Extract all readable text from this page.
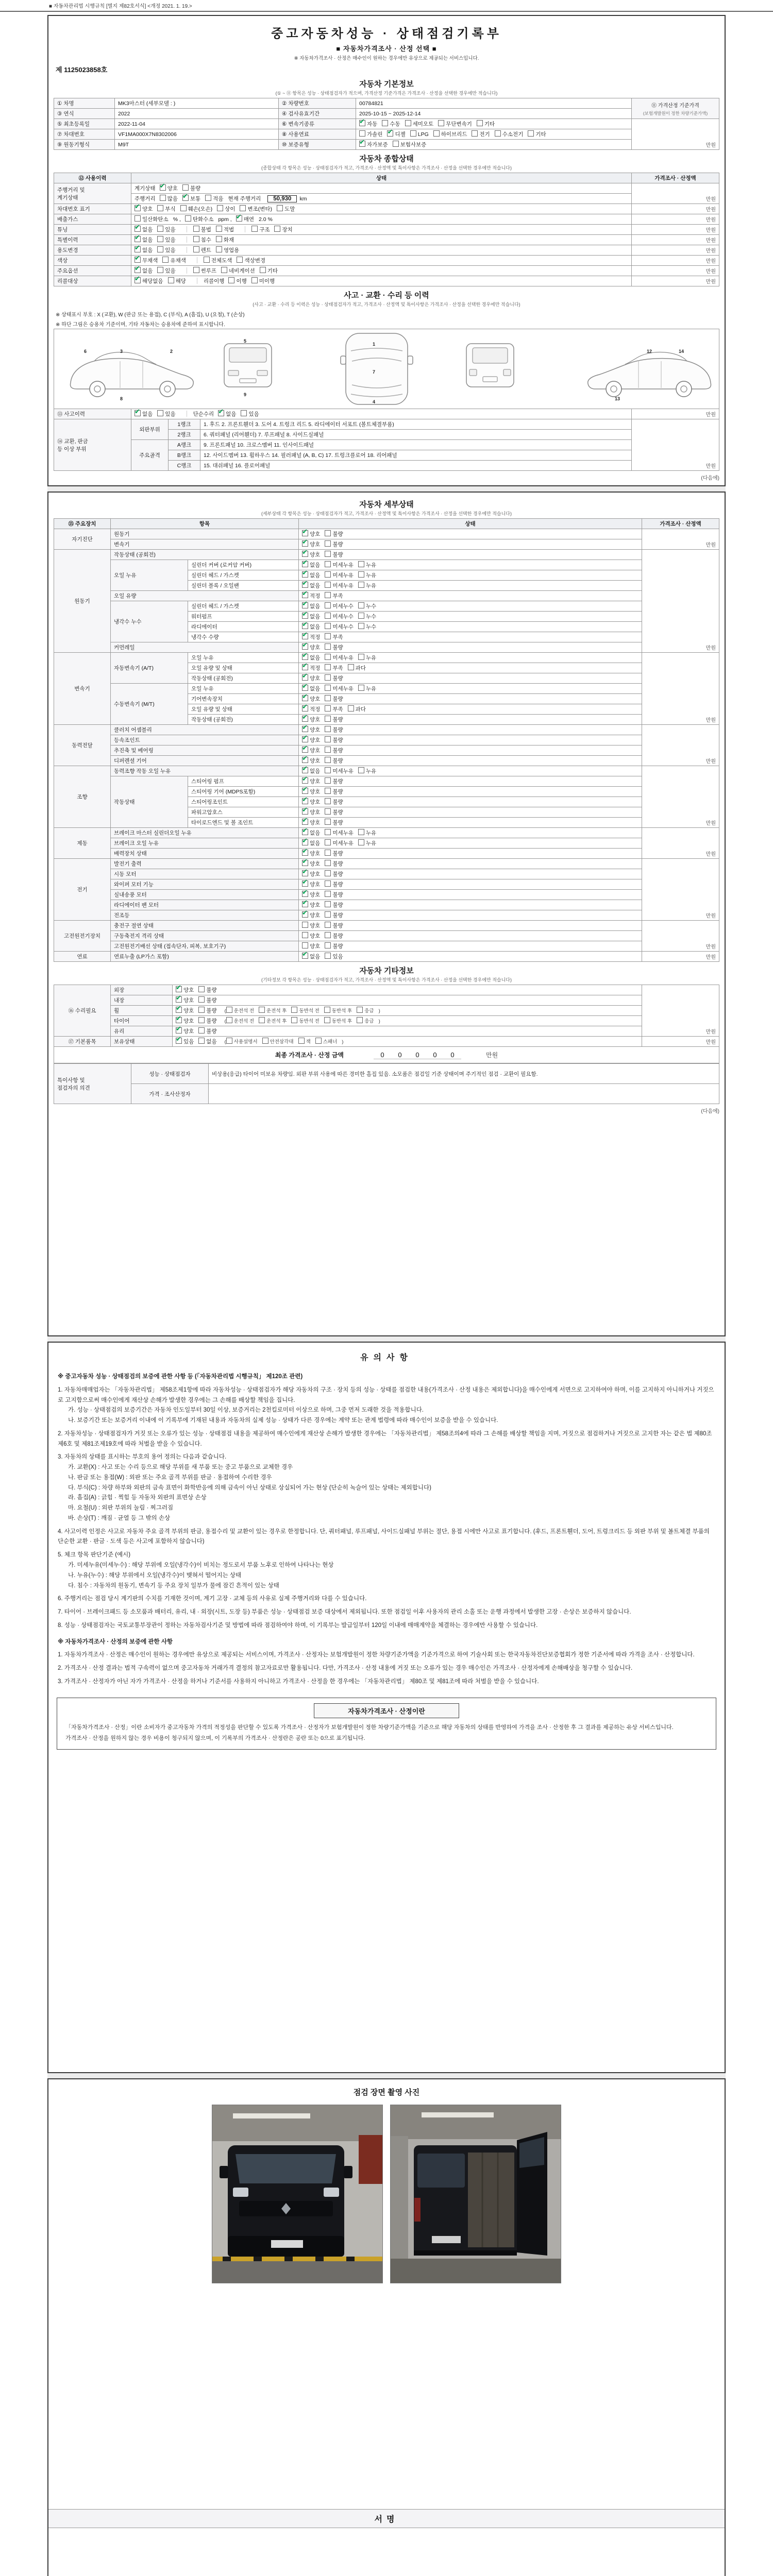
■ 자동차관리법 시행규칙 [별지 제82호서식] <개정 2021. 1. 19.>
중고자동차성능 · 상태점검기록부
■ 자동차가격조사 · 산정 선택 ■
※ 자동차가격조사 · 산정은 매수인이 원하는 경우에만 유상으로 제공되는 서비스입니다.
제 1125023858호
자동차 기본정보
(① ~ ⑪ 항목은 성능 · 상태점검자가 적으며, 가격산정 기준가격은 가격조사 · 산정을 선택한 경우에만 적습니다)
① 차명	MK3마스터 (세부모델 : )	② 차량번호	00784821	⑪ 가격산정 기준가격
(보험개발원이 정한 차량기준가액)

③ 연식	2022	④ 검사유효기간	2025-10-15 ~ 2025-12-14	
⑤ 최초등록일	2022-11-04	⑥ 변속기종류	✔자동 수동 세미오토 무단변속기 기타	만원
⑦ 차대번호	VF1MA000X7N8302006	⑧ 사용연료	가솔린 ✔ 디젤 LPG 하이브리드 전기 수소전기 기타
⑨ 원동기형식	M9T	⑩ 보증유형	✔자가보증 보험사보증
자동차 종합상태
(종합상태 각 항목은 성능 · 상태점검자가 적고, 가격조사 · 산정액 및 특이사항은 가격조사 · 산정을 선택한 경우에만 적습니다)
⑫ 사용이력	상태	가격조사 · 산정액
주행거리 및
계기상태	계기상태 ✔ 양호 불량	만원
	주행거리 많음 ✔ 보통 적음 현재 주행거리 50,930 km
차대번호 표기	✔양호 부식 훼손(오손) 상이 변조(변타) 도말	만원
배출가스	일산화탄소 % , 탄화수소 ppm , ✔ 매연 2.0 %	만원
튜닝	✔없음 있음 불법 적법 구조 장치	만원
특별이력	✔없음 있음 침수 화재	만원
용도변경	✔없음 있음 렌트 영업용	만원
색상	✔무채색 유채색 전체도색 색상변경	만원
주요옵션	✔없음 있음 썬루프 네비게이션 기타	만원
리콜대상	✔해당없음 해당 리콜이행 이행 미이행	만원
사고 · 교환 · 수리 등 이력
(사고 · 교환 · 수리 등 이력은 성능 · 상태점검자가 적고, 가격조사 · 산정액 및 특이사항은 가격조사 · 산정을 선택한 경우에만 적습니다)
※ 상태표시 부호 : X (교환), W (판금 또는 용접), C (부식), A (흠집), U (요철), T (손상)
※ 하단 그림은 승용차 기준이며, 기타 자동차는 승용차에 준하여 표시합니다.
1
2
3
4
5
6
7
8
9
12
13
14
⑬ 사고이력	✔없음 있음 단순수리 ✔ 없음 있음			만원
⑭ 교환, 판금
등 이상 부위	외판부위	1랭크	1. 후드 2. 프론트휀더 3. 도어 4. 트렁크 리드 5. 라디에이터 서포트 (볼트체결부품)	만원
		2랭크	6. 쿼터패널 (리어휀더) 7. 루프패널 8. 사이드실패널	
	주요골격	A랭크	9. 프론트패널 10. 크로스멤버 11. 인사이드패널	
		B랭크	12. 사이드멤버 13. 휠하우스 14. 필러패널 (A, B, C) 17. 트렁크플로어 18. 리어패널	
		C랭크	15. 대쉬패널 16. 플로어패널	
(다음에)
자동차 세부상태
(세부상태 각 항목은 성능 · 상태점검자가 적고, 가격조사 · 산정액 및 특이사항은 가격조사 · 산정을 선택한 경우에만 적습니다)
⑮ 주요장치	항목		상태	가격조사 · 산정액
자기진단	원동기	✔양호 불량	만원
	변속기	✔양호 불량
원동기	작동상태 (공회전)	✔양호 불량	만원
	오일 누유	실린더 커버 (로커암 커버)	✔없음 미세누유 누유
		실린더 헤드 / 가스켓	✔없음 미세누유 누유
		실린더 블록 / 오일팬	✔없음 미세누유 누유
	오일 유량	✔적정 부족
	냉각수 누수	실린더 헤드 / 가스켓	✔없음 미세누수 누수
		워터펌프	✔없음 미세누수 누수
		라디에이터	✔없음 미세누수 누수
		냉각수 수량	✔적정 부족
	커먼레일	✔양호 불량
변속기	자동변속기 (A/T)	오일 누유	✔없음 미세누유 누유	만원
		오일 유량 및 상태	✔적정 부족 과다
		작동상태 (공회전)	✔양호 불량
	수동변속기 (M/T)	오일 누유	✔없음 미세누유 누유
		기어변속장치	✔양호 불량
		오일 유량 및 상태	✔적정 부족 과다
		작동상태 (공회전)	✔양호 불량
동력전달	클러치 어셈블리	✔양호 불량	만원
	등속조인트	✔양호 불량
	추진축 및 베어링	✔양호 불량
	디퍼렌셜 기어	✔양호 불량
조향	동력조향 작동 오일 누유	✔없음 미세누유 누유	만원
	작동상태	스티어링 펌프	✔양호 불량
		스티어링 기어 (MDPS포함)	✔양호 불량
		스티어링조인트	✔양호 불량
		파워고압호스	✔양호 불량
		타이로드엔드 및 볼 조인트	✔양호 불량
제동	브레이크 마스터 실린더오일 누유	✔없음 미세누유 누유	만원
	브레이크 오일 누유	✔없음 미세누유 누유
	배력장치 상태	✔양호 불량
전기	발전기 출력	✔양호 불량	만원
	시동 모터	✔양호 불량
	와이퍼 모터 기능	✔양호 불량
	실내송풍 모터	✔양호 불량
	라디에이터 팬 모터	✔양호 불량
	전조등	✔양호 불량
고전원전기장치	충전구 절연 상태		양호 불량	만원
	구동축전지 격리 상태		양호 불량	
	고전원전기배선 상태 (접속단자, 피복, 보호기구)		양호 불량	
연료	연료누출 (LP가스 포함)	✔없음 있음	만원
자동차 기타정보
(기타정보 각 항목은 성능 · 상태점검자가 적고, 가격조사 · 산정액 및 특이사항은 가격조사 · 산정을 선택한 경우에만 적습니다)
⑯ 수리필요	외장	✔양호 불량	만원
	내장	✔양호 불량
	휠	✔양호 불량 ( 운전석 전 운전석 후 동반석 전 동반석 후 응급 )
	타이어	✔양호 불량 ( 운전석 전 운전석 후 동반석 전 동반석 후 응급 )
	유리	✔양호 불량
⑰ 기본품목	보유상태	✔있음 없음 ( 사용설명서 안전삼각대 잭 스패너 )	만원
최종 가격조사 · 산정 금액	0 0 0 0 0	만원
특이사항 및
점검자의 의견	성능 · 상태점검자	비상용(응급) 타이어 미보유 차량임. 외판 부위 사용에 따른 경미한 흠집 있음. 소모품은 점검일 기준 상태이며 주기적인 점검 · 교환이 필요함.
	가격 · 조사산정자	
(다음에)
유의사항
※ 중고자동차 성능 · 상태점검의 보증에 관한 사항 등 (「자동차관리법 시행규칙」 제120조 관련)
1. 자동차매매업자는 「자동차관리법」 제58조제1항에 따라 자동차성능 · 상태점검자가 해당 자동차의 구조 · 장치 등의 성능 · 상태를 점검한 내용(가격조사 · 산정 내용은 제외합니다)을 매수인에게 서면으로 고지하여야 하며, 이를 고지하지 아니하거나 거짓으로 고지함으로써 매수인에게 재산상 손해가 발생한 경우에는 그 손해를 배상할 책임을 집니다.
가. 성능 · 상태점검의 보증기간은 자동차 인도일부터 30일 이상, 보증거리는 2천킬로미터 이상으로 하며, 그중 먼저 도래한 것을 적용합니다.
나. 보증기간 또는 보증거리 이내에 이 기록부에 기재된 내용과 자동차의 실제 성능 · 상태가 다른 경우에는 계약 또는 관계 법령에 따라 매수인이 보증을 받을 수 있습니다.
2. 자동차성능 · 상태점검자가 거짓 또는 오류가 있는 성능 · 상태점검 내용을 제공하여 매수인에게 재산상 손해가 발생한 경우에는 「자동차관리법」 제58조의4에 따라 그 손해를 배상할 책임을 지며, 거짓으로 점검하거나 거짓으로 고지한 자는 같은 법 제80조제6호 및 제81조제19호에 따라 처벌을 받을 수 있습니다.
3. 자동차의 상태를 표시하는 부호의 용어 정의는 다음과 같습니다.
가. 교환(X) : 사고 또는 수리 등으로 해당 부위를 새 부품 또는 중고 부품으로 교체한 경우
나. 판금 또는 용접(W) : 외판 또는 주요 골격 부위를 판금 · 용접하여 수리한 경우
다. 부식(C) : 차량 하부와 외판의 금속 표면이 화학반응에 의해 금속이 아닌 상태로 상실되어 가는 현상 (단순히 녹슬어 있는 상태는 제외합니다)
라. 흠집(A) : 긁힘 · 찍힘 등 자동차 외판의 표면상 손상
마. 요철(U) : 외판 부위의 눌림 · 찌그러짐
바. 손상(T) : 깨짐 · 균열 등 그 밖의 손상
4. 사고이력 인정은 사고로 자동차 주요 골격 부위의 판금, 용접수리 및 교환이 있는 경우로 한정합니다. 단, 쿼터패널, 루프패널, 사이드실패널 부위는 절단, 용접 시에만 사고로 표기합니다. (후드, 프론트휀더, 도어, 트렁크리드 등 외판 부위 및 볼트체결 부품의 단순한 교환 · 판금 · 도색 등은 사고에 포함하지 않습니다)
5. 체크 항목 판단기준 (예시)
가. 미세누유(미세누수) : 해당 부위에 오일(냉각수)이 비치는 정도로서 부품 노후로 인하여 나타나는 현상
나. 누유(누수) : 해당 부위에서 오일(냉각수)이 맺혀서 떨어지는 상태
다. 침수 : 자동차의 원동기, 변속기 등 주요 장치 일부가 물에 잠긴 흔적이 있는 상태
6. 주행거리는 점검 당시 계기판의 수치를 기재한 것이며, 계기 고장 · 교체 등의 사유로 실제 주행거리와 다를 수 있습니다.
7. 타이어 · 브레이크패드 등 소모품과 배터리, 유리, 내 · 외장(시트, 도장 등) 부품은 성능 · 상태점검 보증 대상에서 제외됩니다. 또한 점검일 이후 사용자의 관리 소홀 또는 운행 과정에서 발생한 고장 · 손상은 보증하지 않습니다.
8. 성능 · 상태점검자는 국토교통부장관이 정하는 자동차검사기준 및 방법에 따라 점검하여야 하며, 이 기록부는 발급일부터 120일 이내에 매매계약을 체결하는 경우에만 사용할 수 있습니다.
※ 자동차가격조사 · 산정의 보증에 관한 사항
1. 자동차가격조사 · 산정은 매수인이 원하는 경우에만 유상으로 제공되는 서비스이며, 가격조사 · 산정자는 보험개발원이 정한 차량기준가액을 기준가격으로 하여 기술사회 또는 한국자동차진단보증협회가 정한 기준서에 따라 가격을 조사 · 산정합니다.
2. 가격조사 · 산정 결과는 법적 구속력이 없으며 중고자동차 거래가격 결정의 참고자료로만 활용됩니다. 다만, 가격조사 · 산정 내용에 거짓 또는 오류가 있는 경우 매수인은 가격조사 · 산정자에게 손해배상을 청구할 수 있습니다.
3. 가격조사 · 산정자가 아닌 자가 가격조사 · 산정을 하거나 기준서를 사용하지 아니하고 가격조사 · 산정을 한 경우에는 「자동차관리법」 제80조 및 제81조에 따라 처벌을 받을 수 있습니다.
자동차가격조사 · 산정이란
「자동차가격조사 · 산정」이란 소비자가 중고자동차 가격의 적정성을 판단할 수 있도록 가격조사 · 산정자가 보험개발원이 정한 차량기준가액을 기준으로 해당 자동차의 상태를 반영하여 가격을 조사 · 산정한 후 그 결과를 제공하는 유상 서비스입니다.
가격조사 · 산정을 원하지 않는 경우 비용이 청구되지 않으며, 이 기록부의 가격조사 · 산정란은 공란 또는 0으로 표기됩니다.
점검 장면 촬영 사진
서명
